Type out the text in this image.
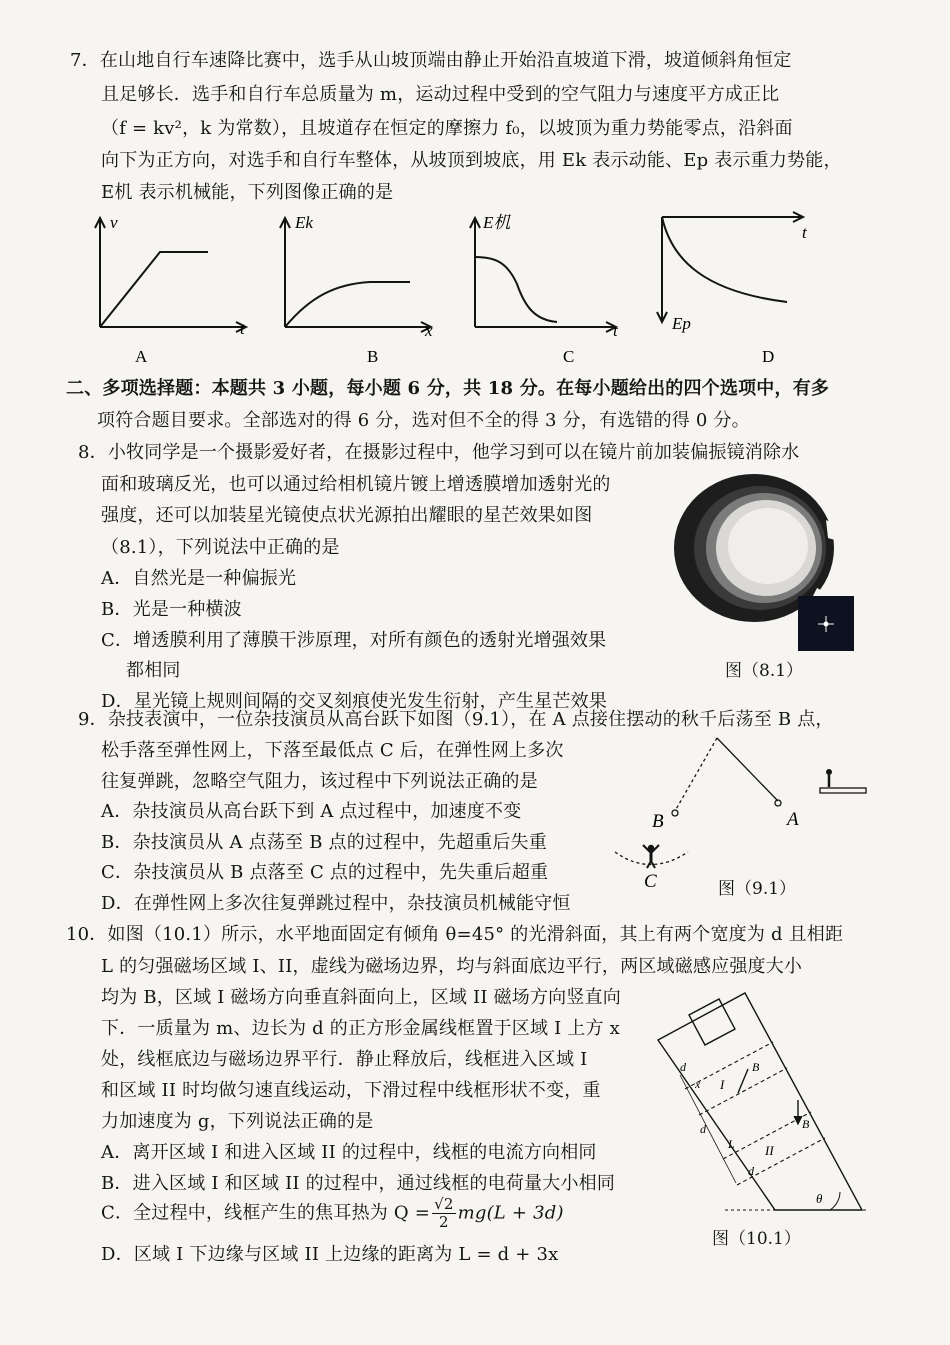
7．在山地自行车速降比赛中，选手从山坡顶端由静止开始沿直坡道下滑，坡道倾斜角恒定
且足够长．选手和自行车总质量为 m，运动过程中受到的空气阻力与速度平方成正比
（f = kv²，k 为常数），且坡道存在恒定的摩擦力 f₀，以坡顶为重力势能零点，沿斜面
向下为正方向，对选手和自行车整体，从坡顶到坡底，用 Ek 表示动能、Ep 表示重力势能，
E机 表示机械能，下列图像正确的是
v
t
A
Ek
x
B
E机
t
C
Ep
t
D
二、多项选择题：本题共 3 小题，每小题 6 分，共 18 分。在每小题给出的四个选项中，有多
项符合题目要求。全部选对的得 6 分，选对但不全的得 3 分，有选错的得 0 分。
8．小牧同学是一个摄影爱好者，在摄影过程中，他学习到可以在镜片前加装偏振镜消除水
面和玻璃反光，也可以通过给相机镜片镀上增透膜增加透射光的
强度，还可以加装星光镜使点状光源拍出耀眼的星芒效果如图
（8.1），下列说法中正确的是
A．自然光是一种偏振光
B．光是一种横波
C．增透膜利用了薄膜干涉原理，对所有颜色的透射光增强效果
都相同
D．星光镜上规则间隔的交叉刻痕使光发生衍射，产生星芒效果
图（8.1）
9．杂技表演中，一位杂技演员从高台跃下如图（9.1），在 A 点接住摆动的秋千后荡至 B 点，
松手落至弹性网上，下落至最低点 C 后，在弹性网上多次
往复弹跳，忽略空气阻力，该过程中下列说法正确的是
A．杂技演员从高台跃下到 A 点过程中，加速度不变
B．杂技演员从 A 点荡至 B 点的过程中，先超重后失重
C．杂技演员从 B 点落至 C 点的过程中，先失重后超重
D．在弹性网上多次往复弹跳过程中，杂技演员机械能守恒
B	A
C	图（9.1）
10．如图（10.1）所示，水平地面固定有倾角 θ=45° 的光滑斜面，其上有两个宽度为 d 且相距
L 的匀强磁场区域 I、II，虚线为磁场边界，均与斜面底边平行，两区域磁感应强度大小
均为 B，区域 I 磁场方向垂直斜面向上，区域 II 磁场方向竖直向
下．一质量为 m、边长为 d 的正方形金属线框置于区域 I 上方 x
处，线框底边与磁场边界平行．静止释放后，线框进入区域 I
和区域 II 时均做匀速直线运动，下滑过程中线框形状不变，重
力加速度为 g，下列说法正确的是
A．离开区域 I 和进入区域 II 的过程中，线框的电流方向相同
B．进入区域 I 和区域 II 的过程中，通过线框的电荷量大小相同
C．全过程中，线框产生的焦耳热为 $Q = \frac{√2}{2} mg(L + 3d)$
D．区域 I 下边缘与区域 II 上边缘的距离为 L = d + 3x
d
x
d
L
d
I
B
II
B
θ
图（10.1）
